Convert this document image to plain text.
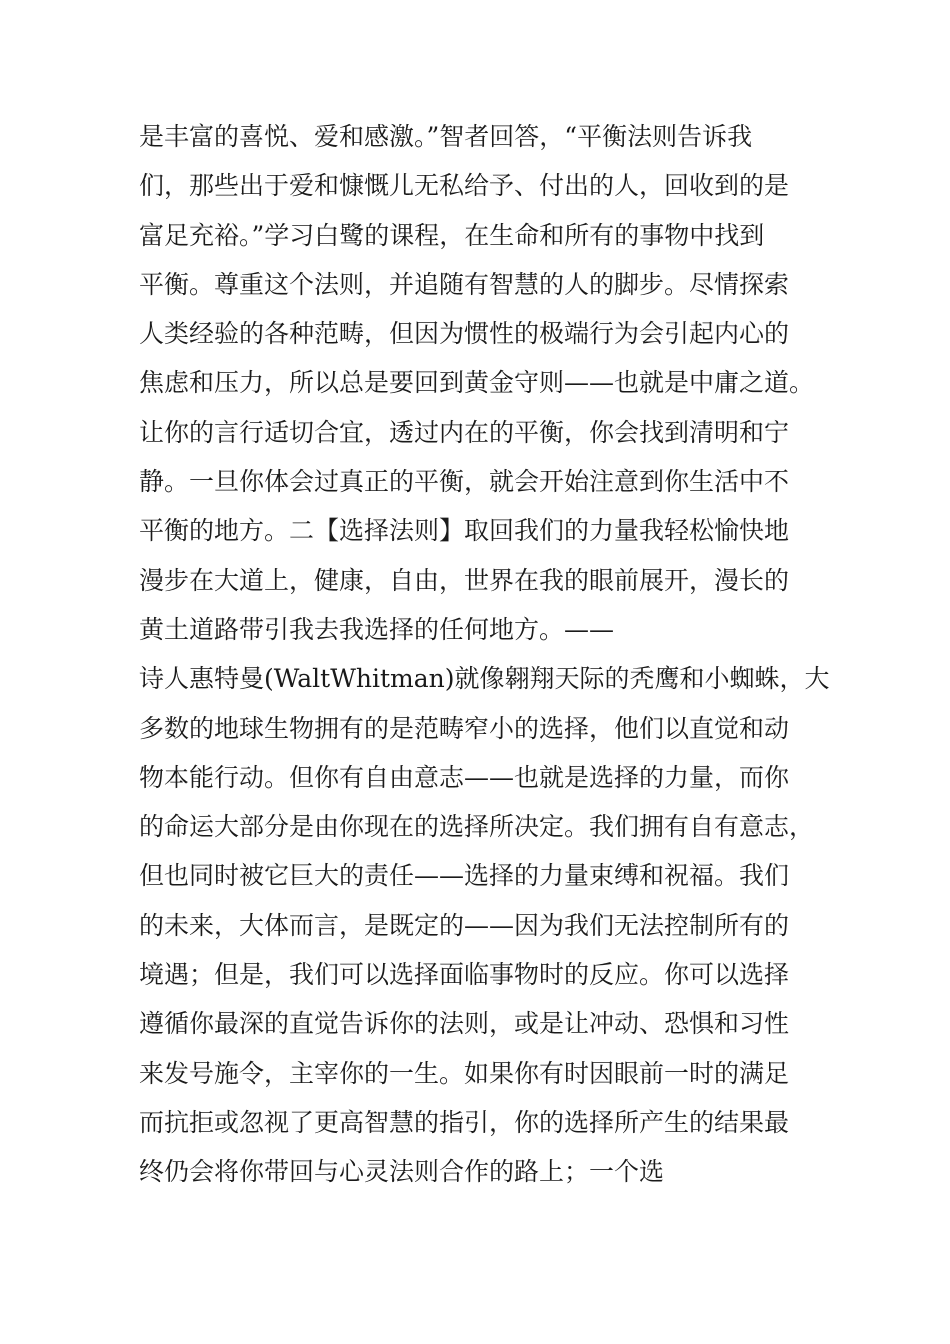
是丰富的喜悦、爱和感激。”智者回答，“平衡法则告诉我
们，那些出于爱和慷慨儿无私给予、付出的人，回收到的是
富足充裕。”学习白鹭的课程，在生命和所有的事物中找到
平衡。尊重这个法则，并追随有智慧的人的脚步。尽情探索
人类经验的各种范畴，但因为惯性的极端行为会引起内心的
焦虑和压力，所以总是要回到黄金守则——也就是中庸之道。
让你的言行适切合宜，透过内在的平衡，你会找到清明和宁
静。一旦你体会过真正的平衡，就会开始注意到你生活中不
平衡的地方。二【选择法则】取回我们的力量我轻松愉快地
漫步在大道上，健康，自由，世界在我的眼前展开，漫长的
黄土道路带引我去我选择的任何地方。——
诗人惠特曼(WaltWhitman)就像翱翔天际的秃鹰和小蜘蛛，大
多数的地球生物拥有的是范畴窄小的选择，他们以直觉和动
物本能行动。但你有自由意志——也就是选择的力量，而你
的命运大部分是由你现在的选择所决定。我们拥有自有意志，
但也同时被它巨大的责任——选择的力量束缚和祝福。我们
的未来，大体而言，是既定的——因为我们无法控制所有的
境遇；但是，我们可以选择面临事物时的反应。你可以选择
遵循你最深的直觉告诉你的法则，或是让冲动、恐惧和习性
来发号施令，主宰你的一生。如果你有时因眼前一时的满足
而抗拒或忽视了更高智慧的指引，你的选择所产生的结果最
终仍会将你带回与心灵法则合作的路上；一个选
